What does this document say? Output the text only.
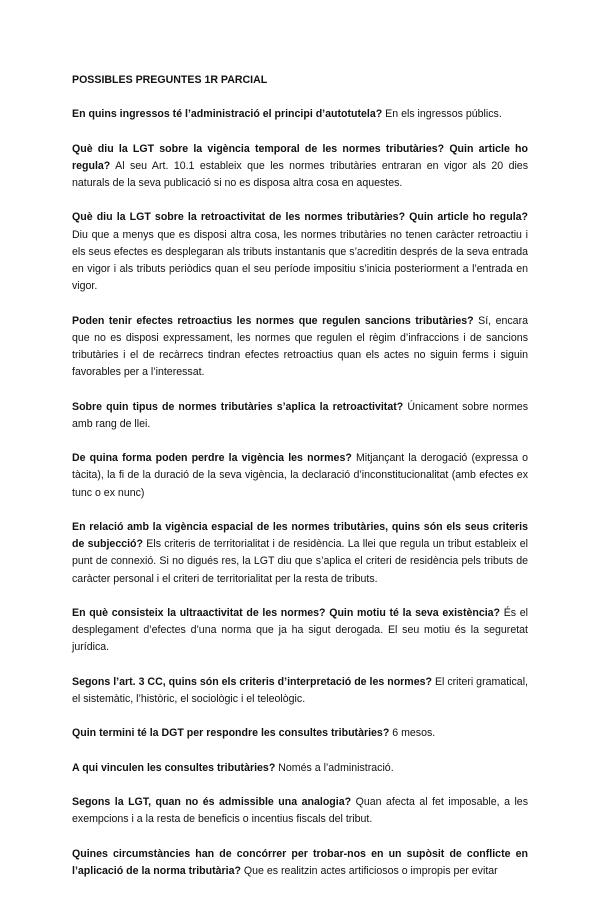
POSSIBLES PREGUNTES 1R PARCIAL

En quins ingressos té l’administració el principi d’autotutela? En els ingressos públics.

Què diu la LGT sobre la vigència temporal de les normes tributàries? Quin article ho regula? Al seu Art. 10.1 estableix que les normes tributàries entraran en vigor als 20 dies naturals de la seva publicació si no es disposa altra cosa en aquestes.

Què diu la LGT sobre la retroactivitat de les normes tributàries? Quin article ho regula? Diu que a menys que es disposi altra cosa, les normes tributàries no tenen caràcter retroactiu i els seus efectes es desplegaran als tributs instantanis que s’acreditin després de la seva entrada en vigor i als tributs periòdics quan el seu període impositiu s’inicia posteriorment a l’entrada en vigor.

Poden tenir efectes retroactius les normes que regulen sancions tributàries? Sí, encara que no es disposi expressament, les normes que regulen el règim d’infraccions i de sancions tributàries i el de recàrrecs tindran efectes retroactius quan els actes no siguin ferms i siguin favorables per a l’interessat.

Sobre quin tipus de normes tributàries s’aplica la retroactivitat? Únicament sobre normes amb rang de llei.

De quina forma poden perdre la vigència les normes? Mitjançant la derogació (expressa o tàcita), la fi de la duració de la seva vigència, la declaració d’inconstitucionalitat (amb efectes ex tunc o ex nunc)

En relació amb la vigència espacial de les normes tributàries, quins són els seus criteris de subjecció? Els criteris de territorialitat i de residència. La llei que regula un tribut estableix el punt de connexió. Si no digués res, la LGT diu que s’aplica el criteri de residència pels tributs de caràcter personal i el criteri de territorialitat per la resta de tributs.

En què consisteix la ultraactivitat de les normes? Quin motiu té la seva existència? És el desplegament d’efectes d’una norma que ja ha sigut derogada. El seu motiu és la seguretat jurídica.

Segons l’art. 3 CC, quins són els criteris d’interpretació de les normes? El criteri gramatical, el sistemàtic, l’històric, el sociològic i el teleològic.

Quin termini té la DGT per respondre les consultes tributàries? 6 mesos.

A qui vinculen les consultes tributàries? Només a l’administració.

Segons la LGT, quan no és admissible una analogia? Quan afecta al fet imposable, a les exempcions i a la resta de beneficis o incentius fiscals del tribut.

Quines circumstàncies han de concórrer per trobar-nos en un supòsit de conflicte en l’aplicació de la norma tributària? Que es realitzin actes artificiosos o impropis per evitar
